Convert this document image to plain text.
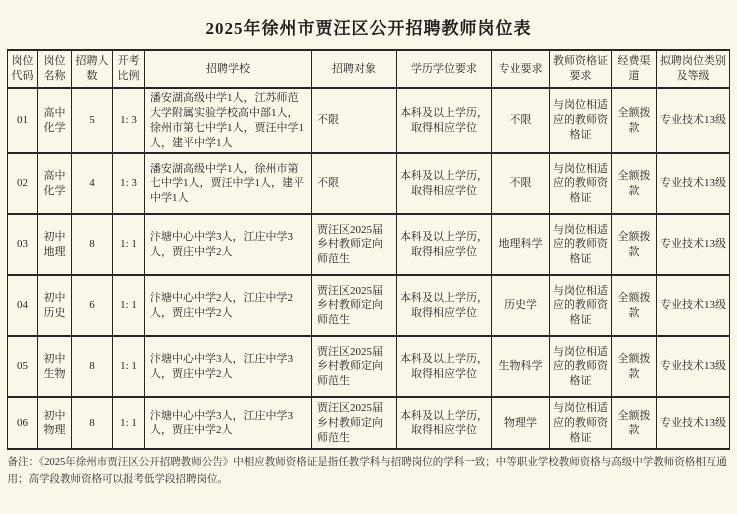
2025年徐州市贾汪区公开招聘教师岗位表
岗位代码	岗位名称	招聘人数	开考比例	招聘学校	招聘对象	学历学位要求	专业要求	教师资格证要求	经费渠道	拟聘岗位类别及等级
01	高中化学	5	1: 3	潘安湖高级中学1人，江苏师范大学附属实验学校高中部1人，徐州市第七中学1人，贾汪中学1人，建平中学1人	不限	本科及以上学历，取得相应学位	不限	与岗位相适应的教师资格证	全额拨款	专业技术13级
02	高中化学	4	1: 3	潘安湖高级中学1人，徐州市第七中学1人，贾汪中学1人，建平中学1人	不限	本科及以上学历，取得相应学位	不限	与岗位相适应的教师资格证	全额拨款	专业技术13级
03	初中地理	8	1: 1	汴塘中心中学3人，江庄中学3人，贾庄中学2人	贾汪区2025届乡村教师定向师范生	本科及以上学历，取得相应学位	地理科学	与岗位相适应的教师资格证	全额拨款	专业技术13级
04	初中历史	6	1: 1	汴塘中心中学2人，江庄中学2人，贾庄中学2人	贾汪区2025届乡村教师定向师范生	本科及以上学历，取得相应学位	历史学	与岗位相适应的教师资格证	全额拨款	专业技术13级
05	初中生物	8	1: 1	汴塘中心中学3人，江庄中学3人，贾庄中学2人	贾汪区2025届乡村教师定向师范生	本科及以上学历，取得相应学位	生物科学	与岗位相适应的教师资格证	全额拨款	专业技术13级
06	初中物理	8	1: 1	汴塘中心中学3人，江庄中学3人，贾庄中学2人	贾汪区2025届乡村教师定向师范生	本科及以上学历，取得相应学位	物理学	与岗位相适应的教师资格证	全额拨款	专业技术13级
备注：《2025年徐州市贾汪区公开招聘教师公告》中相应教师资格证是指任教学科与招聘岗位的学科一致；中等职业学校教师资格与高级中学教师资格相互通用；高学段教师资格可以报考低学段招聘岗位。
